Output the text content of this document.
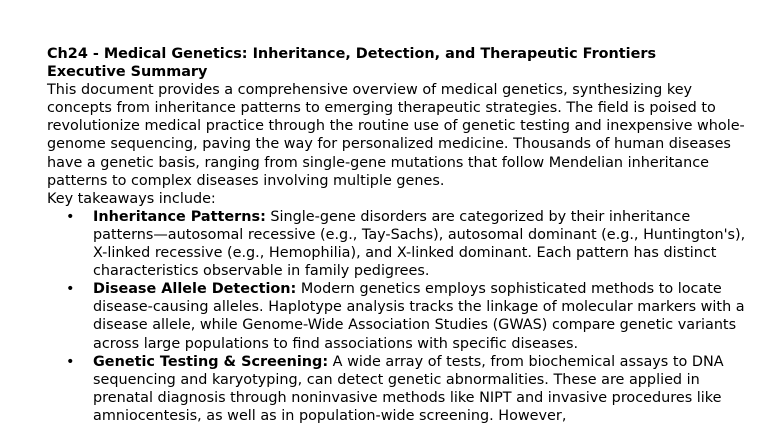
Ch24 - Medical Genetics: Inheritance, Detection, and Therapeutic Frontiers

Executive Summary

This document provides a comprehensive overview of medical genetics, synthesizing key concepts from inheritance patterns to emerging therapeutic strategies. The field is poised to revolutionize medical practice through the routine use of genetic testing and inexpensive whole-genome sequencing, paving the way for personalized medicine. Thousands of human diseases have a genetic basis, ranging from single-gene mutations that follow Mendelian inheritance patterns to complex diseases involving multiple genes.

Key takeaways include:

• Inheritance Patterns: Single-gene disorders are categorized by their inheritance patterns—autosomal recessive (e.g., Tay-Sachs), autosomal dominant (e.g., Huntington's), X-linked recessive (e.g., Hemophilia), and X-linked dominant. Each pattern has distinct characteristics observable in family pedigrees.
• Disease Allele Detection: Modern genetics employs sophisticated methods to locate disease-causing alleles. Haplotype analysis tracks the linkage of molecular markers with a disease allele, while Genome-Wide Association Studies (GWAS) compare genetic variants across large populations to find associations with specific diseases.
• Genetic Testing & Screening: A wide array of tests, from biochemical assays to DNA sequencing and karyotyping, can detect genetic abnormalities. These are applied in prenatal diagnosis through noninvasive methods like NIPT and invasive procedures like amniocentesis, as well as in population-wide screening. However,
